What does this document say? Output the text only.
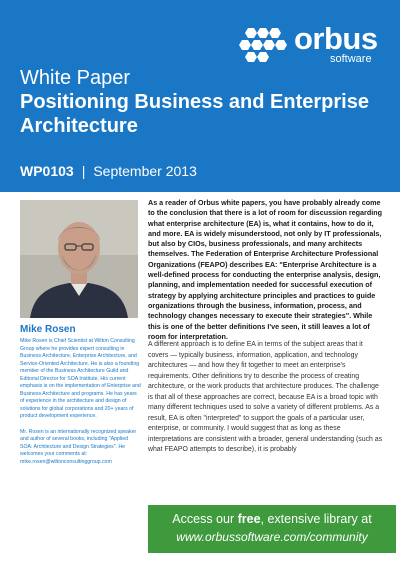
orbus
software
White Paper
Positioning Business and Enterprise Architecture
WP0103 | September 2013
Mike Rosen

Mike Rosen is Chief Scientist at Wilton Consulting Group where he provides expert consulting in Business Architecture, Enterprise Architecture, and Service-Oriented Architecture. He is also a founding member of the Business Architecture Guild and Editorial Director for SOA Institute. His current emphasis is on the implementation of Enterprise and Business Architecture and programs. He has years of experience in the architecture and design of solutions for global corporations and 20+ years of product development experience.

Mr. Rosen is an internationally recognized speaker and author of several books, including "Applied SOA: Architecture and Design Strategies". He welcomes your comments at: mike.rosen@wiltonconsultinggroup.com

As a reader of Orbus white papers, you have probably already come to the conclusion that there is a lot of room for discussion regarding what enterprise architecture (EA) is, what it contains, how to do it, and more. EA is widely misunderstood, not only by IT professionals, but also by CIOs, business professionals, and many architects themselves. The Federation of Enterprise Architecture Professional Organizations (FEAPO) describes EA: "Enterprise Architecture is a well-defined process for conducting the enterprise analysis, design, planning, and implementation needed for successful execution of strategy by applying architecture principles and practices to guide organizations through the business, information, process, and technology changes necessary to execute their strategies". While this is one of the better definitions I've seen, it still leaves a lot of room for interpretation.

A different approach is to define EA in terms of the subject areas that it covers — typically business, information, application, and technology architectures — and how they fit together to meet an enterprise's requirements. Other definitions try to describe the process of creating architecture, or the work products that architecture produces. The challenge is that all of these approaches are correct, because EA is a broad topic with many different techniques used to solve a variety of different problems. As a result, EA is often "interpreted" to support the goals of a particular user, enterprise, or community. I would suggest that as long as these interpretations are consistent with a broader, general understanding (such as what FEAPO attempts to describe), it is probably

Access our free, extensive library at
www.orbussoftware.com/community
